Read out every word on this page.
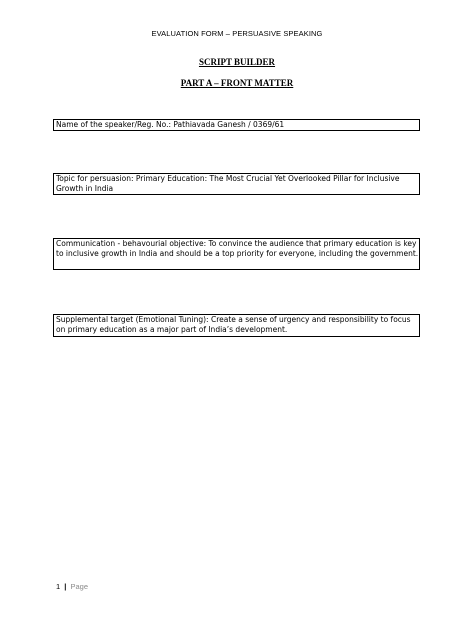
EVALUATION FORM – PERSUASIVE SPEAKING
SCRIPT BUILDER
PART A – FRONT MATTER
Name of the speaker/Reg. No.: Pathiavada Ganesh / 0369/61
Topic for persuasion: Primary Education: The Most Crucial Yet Overlooked Pillar for Inclusive Growth in India
Communication - behavourial objective: To convince the audience that primary education is key to inclusive growth in India and should be a top priority for everyone, including the government.
Supplemental target (Emotional Tuning): Create a sense of urgency and responsibility to focus on primary education as a major part of India’s development.
1 | Page
